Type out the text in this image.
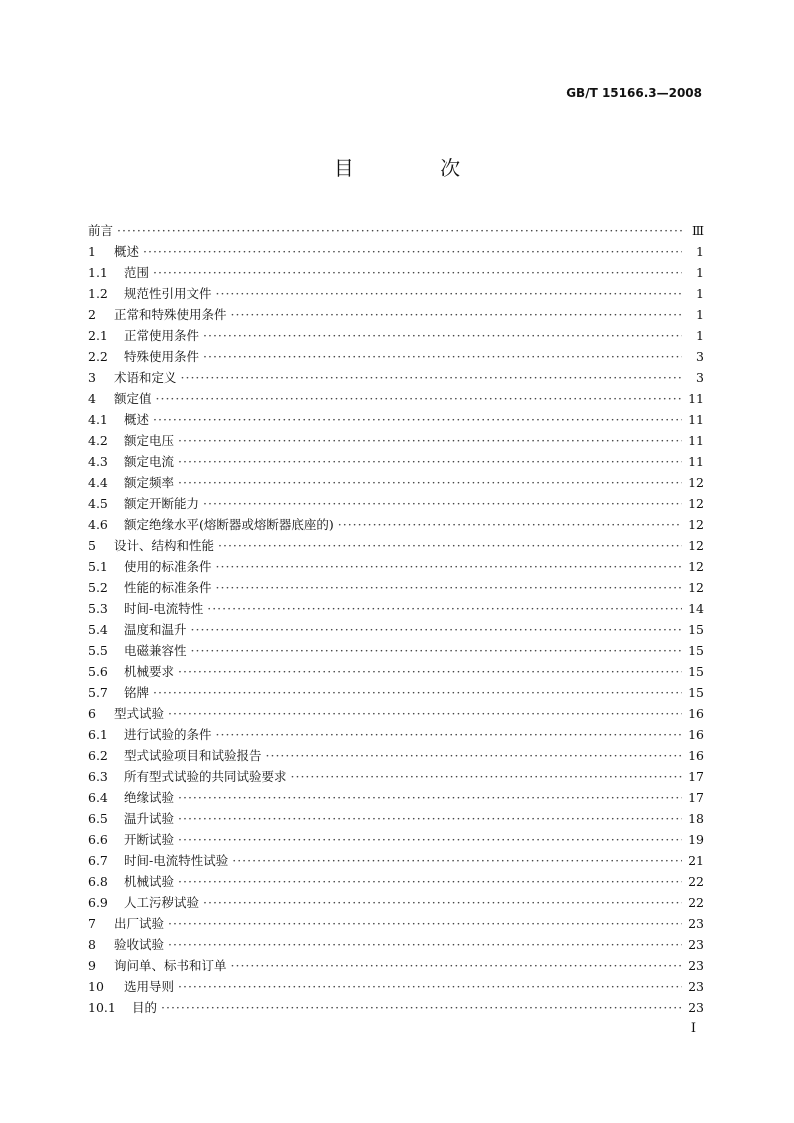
GB/T 15166.3—2008
目 次
前言 ·····	Ⅲ
1	概述 ·····	1
1.1	范围 ·····	1
1.2	规范性引用文件 ·····	1
2	正常和特殊使用条件 ·····	1
2.1	正常使用条件 ·····	1
2.2	特殊使用条件 ·····	3
3	术语和定义 ·····	3
4	额定值 ·····	11
4.1	概述 ·····	11
4.2	额定电压 ·····	11
4.3	额定电流 ·····	11
4.4	额定频率 ·····	12
4.5	额定开断能力 ·····	12
4.6	额定绝缘水平(熔断器或熔断器底座的) ·····	12
5	设计、结构和性能 ·····	12
5.1	使用的标准条件 ·····	12
5.2	性能的标准条件 ·····	12
5.3	时间-电流特性 ·····	14
5.4	温度和温升 ·····	15
5.5	电磁兼容性 ·····	15
5.6	机械要求 ·····	15
5.7	铭牌 ·····	15
6	型式试验 ·····	16
6.1	进行试验的条件 ·····	16
6.2	型式试验项目和试验报告 ·····	16
6.3	所有型式试验的共同试验要求 ·····	17
6.4	绝缘试验 ·····	17
6.5	温升试验 ·····	18
6.6	开断试验 ·····	19
6.7	时间-电流特性试验 ·····	21
6.8	机械试验 ·····	22
6.9	人工污秽试验 ·····	22
7	出厂试验 ·····	23
8	验收试验 ·····	23
9	询问单、标书和订单 ·····	23
10	选用导则 ·····	23
10.1	目的 ·····	23
I
